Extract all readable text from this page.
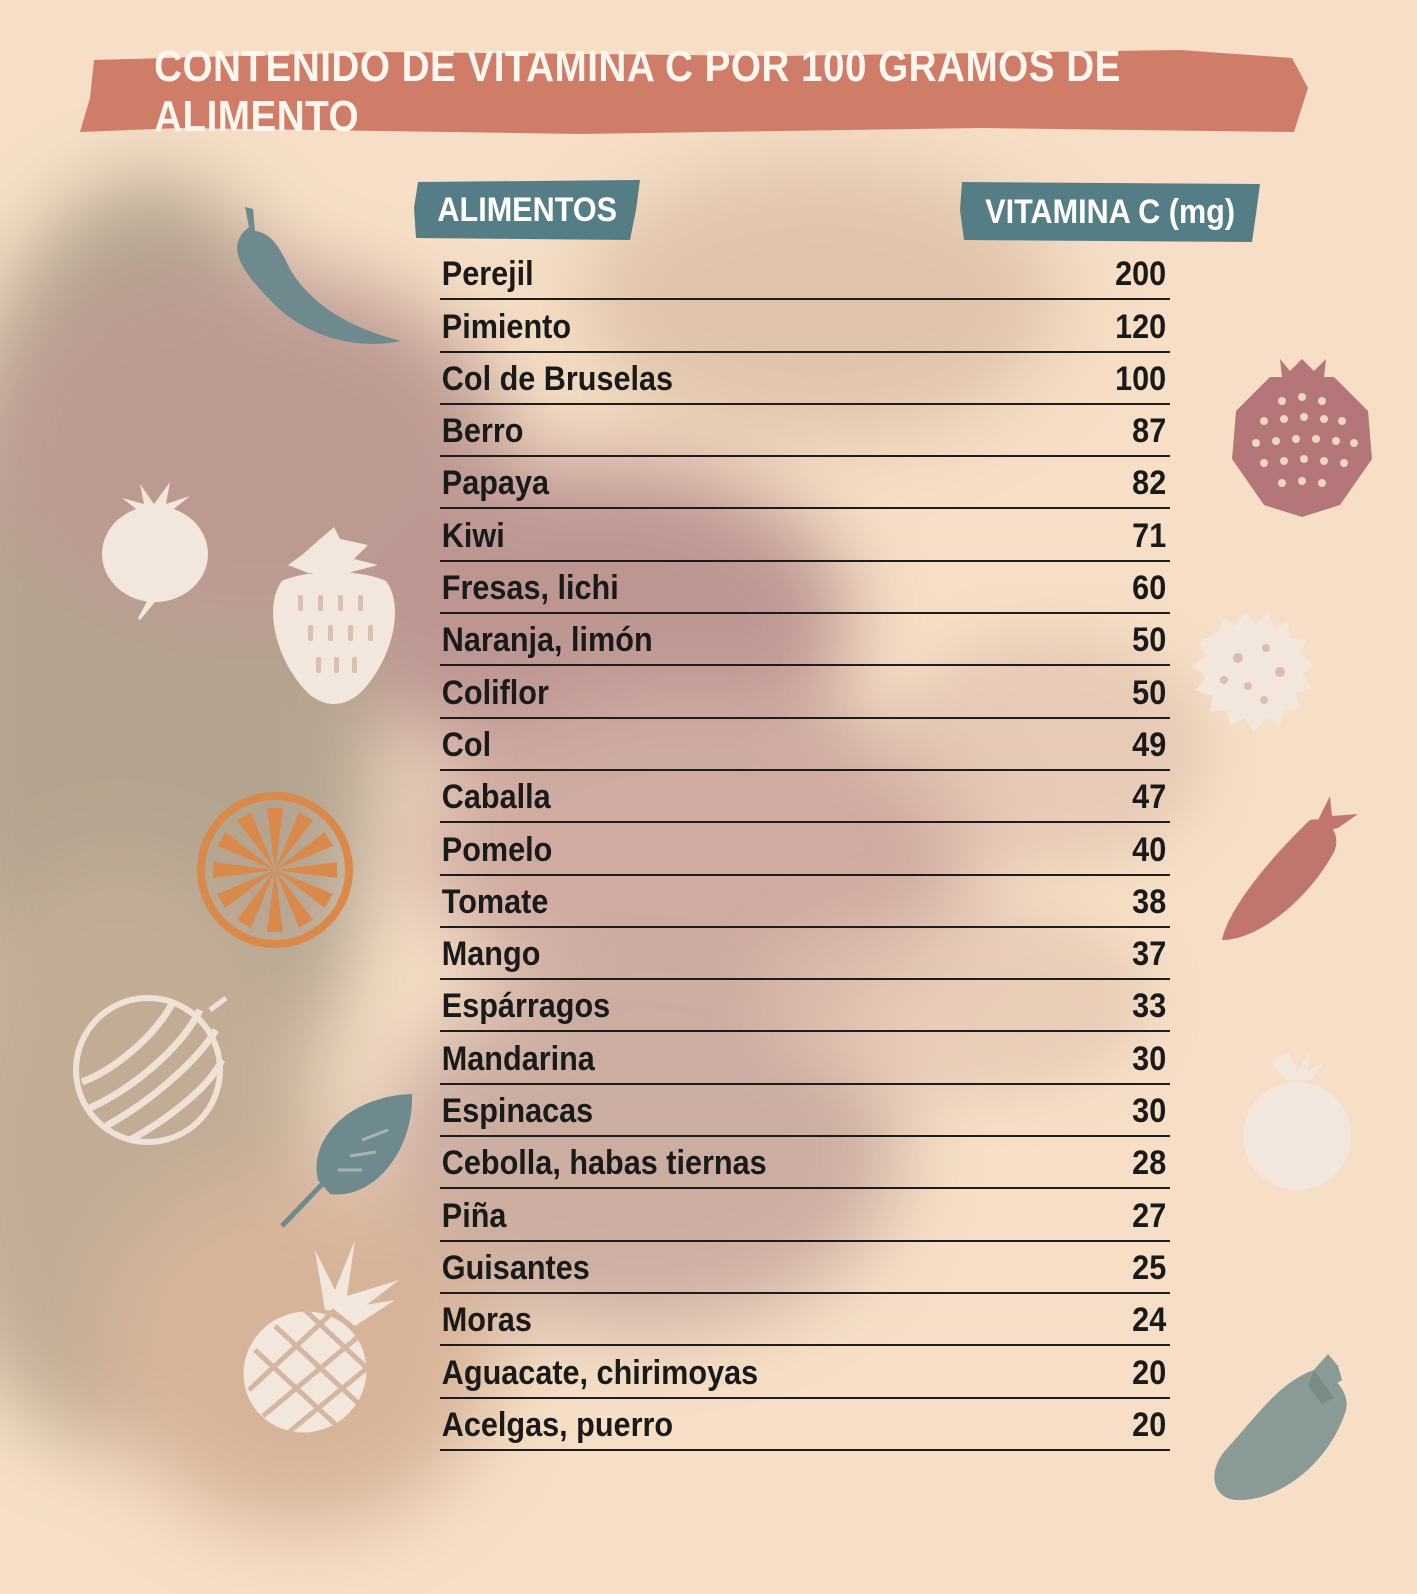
CONTENIDO DE VITAMINA C POR 100 GRAMOS DE ALIMENTO
ALIMENTOS	VITAMINA C (mg)
Perejil	200
Pimiento	120
Col de Bruselas	100
Berro	87
Papaya	82
Kiwi	71
Fresas, lichi	60
Naranja, limón	50
Coliflor	50
Col	49
Caballa	47
Pomelo	40
Tomate	38
Mango	37
Espárragos	33
Mandarina	30
Espinacas	30
Cebolla, habas tiernas	28
Piña	27
Guisantes	25
Moras	24
Aguacate, chirimoyas	20
Acelgas, puerro	20
